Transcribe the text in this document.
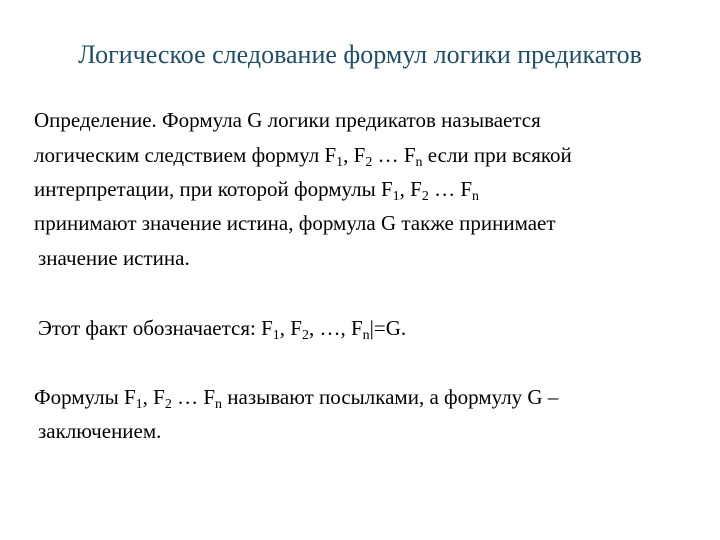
Логическое следование формул логики предикатов
Определение. Формула G логики предикатов называется
логическим следствием формул $F_1$, $F_2$ … $F_n$ если при всякой
интерпретации, при которой формулы $F_1$, $F_2$ … $F_n$
принимают значение истина, формула G также принимает
значение истина.
Этот факт обозначается: $F_1$, $F_2$, …, $F_n|=G$.
Формулы $F_1$, $F_2$ … $F_n$ называют посылками, а формулу G –
заключением.
